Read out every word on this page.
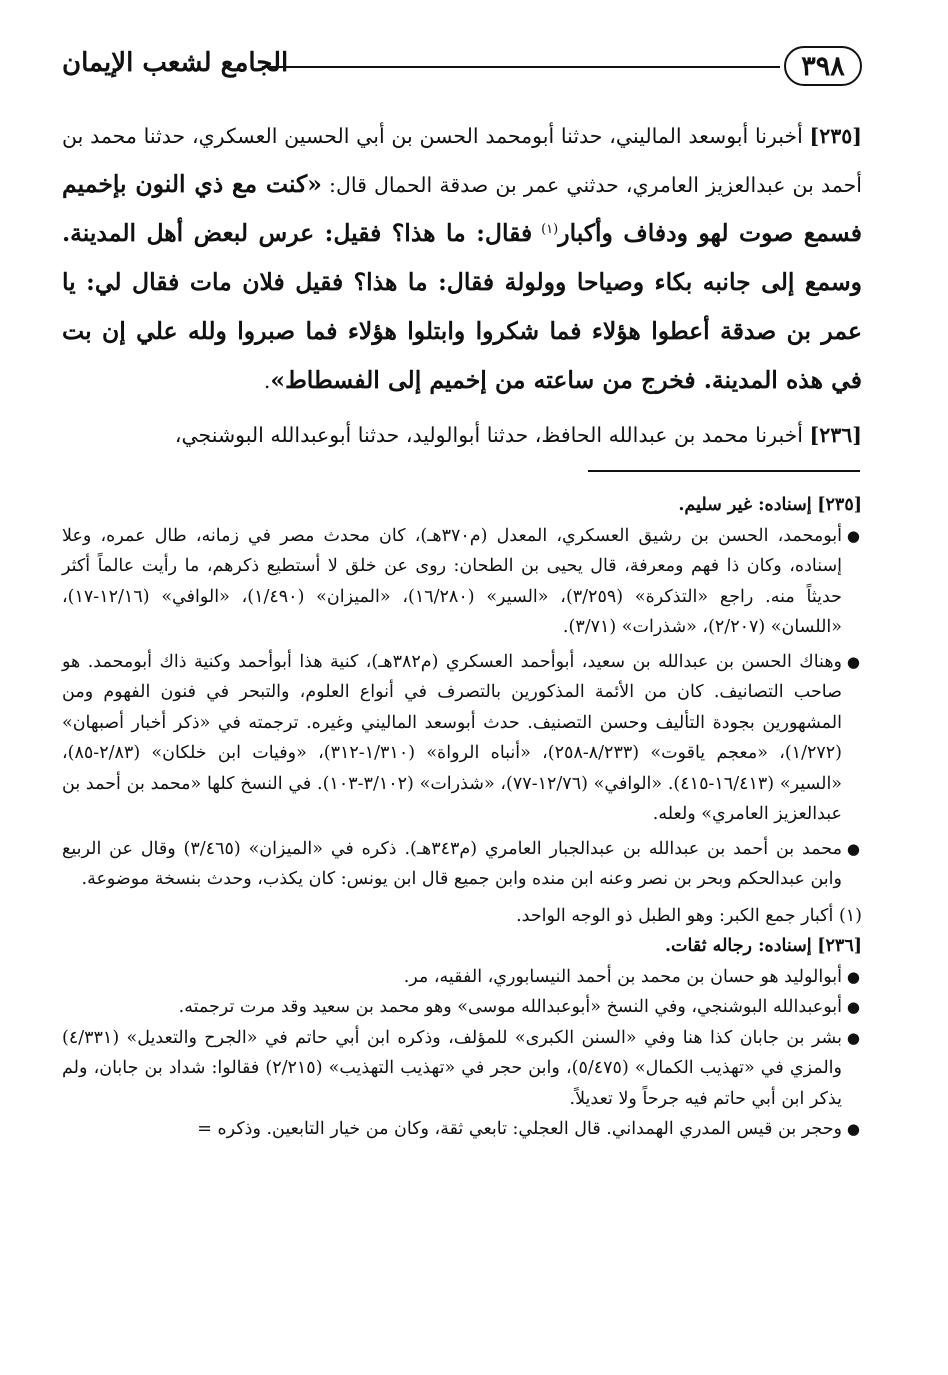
٣٩٨
الجامع لشعب الإيمان

[٢٣٥] أخبرنا أبوسعد الماليني، حدثنا أبومحمد الحسن بن أبي الحسين العسكري، حدثنا محمد بن أحمد بن عبدالعزيز العامري، حدثني عمر بن صدقة الحمال قال: «كنت مع ذي النون بإخميم فسمع صوت لهو ودفاف وأكبار$^{(١)}$ فقال: ما هذا؟ فقيل: عرس لبعض أهل المدينة. وسمع إلى جانبه بكاء وصياحا وولولة فقال: ما هذا؟ فقيل فلان مات فقال لي: يا عمر بن صدقة أعطوا هؤلاء فما شكروا وابتلوا هؤلاء فما صبروا ولله علي إن بت في هذه المدينة. فخرج من ساعته من إخميم إلى الفسطاط».

[٢٣٦] أخبرنا محمد بن عبدالله الحافظ، حدثنا أبوالوليد، حدثنا أبوعبدالله البوشنجي،

[٢٣٥] إسناده: غير سليم.

●
أبومحمد، الحسن بن رشيق العسكري، المعدل (م٣٧٠هـ)، كان محدث مصر في زمانه، طال عمره، وعلا إسناده، وكان ذا فهم ومعرفة، قال يحيى بن الطحان: روى عن خلق لا أستطيع ذكرهم، ما رأيت عالماً أكثر حديثاً منه. راجع «التذكرة» (٣/٢٥٩)، «السير» (١٦/٢٨٠)، «الميزان» (١/٤٩٠)، «الوافي» (١٢/١٦-١٧)، «اللسان» (٢/٢٠٧)، «شذرات» (٣/٧١).
●
وهناك الحسن بن عبدالله بن سعيد، أبوأحمد العسكري (م٣٨٢هـ)، كنية هذا أبوأحمد وكنية ذاك أبومحمد. هو صاحب التصانيف. كان من الأئمة المذكورين بالتصرف في أنواع العلوم، والتبحر في فنون الفهوم ومن المشهورين بجودة التأليف وحسن التصنيف. حدث أبوسعد الماليني وغيره. ترجمته في «ذكر أخبار أصبهان» (١/٢٧٢)، «معجم ياقوت» (٨/٢٣٣-٢٥٨)، «أنباه الرواة» (١/٣١٠-٣١٢)، «وفيات ابن خلكان» (٢/٨٣-٨٥)، «السير» (١٦/٤١٣-٤١٥). «الوافي» (١٢/٧٦-٧٧)، «شذرات» (٣/١٠٢-١٠٣). في النسخ كلها «محمد بن أحمد بن عبدالعزيز العامري» ولعله.
●
محمد بن أحمد بن عبدالله بن عبدالجبار العامري (م٣٤٣هـ). ذكره في «الميزان» (٣/٤٦٥) وقال عن الربيع وابن عبدالحكم وبحر بن نصر وعنه ابن منده وابن جميع قال ابن يونس: كان يكذب، وحدث بنسخة موضوعة.

(١) أكبار جمع الكبر: وهو الطبل ذو الوجه الواحد.

[٢٣٦] إسناده: رجاله ثقات.

●
أبوالوليد هو حسان بن محمد بن أحمد النيسابوري، الفقيه، مر.
●
أبوعبدالله البوشنجي، وفي النسخ «أبوعبدالله موسى» وهو محمد بن سعيد وقد مرت ترجمته.
●
بشر بن جابان كذا هنا وفي «السنن الكبرى» للمؤلف، وذكره ابن أبي حاتم في «الجرح والتعديل» (٤/٣٣١) والمزي في «تهذيب الكمال» (٥/٤٧٥)، وابن حجر في «تهذيب التهذيب» (٢/٢١٥) فقالوا: شداد بن جابان، ولم يذكر ابن أبي حاتم فيه جرحاً ولا تعديلاً.
●
وحجر بن قيس المدري الهمداني. قال العجلي: تابعي ثقة، وكان من خيار التابعين. وذكره =
